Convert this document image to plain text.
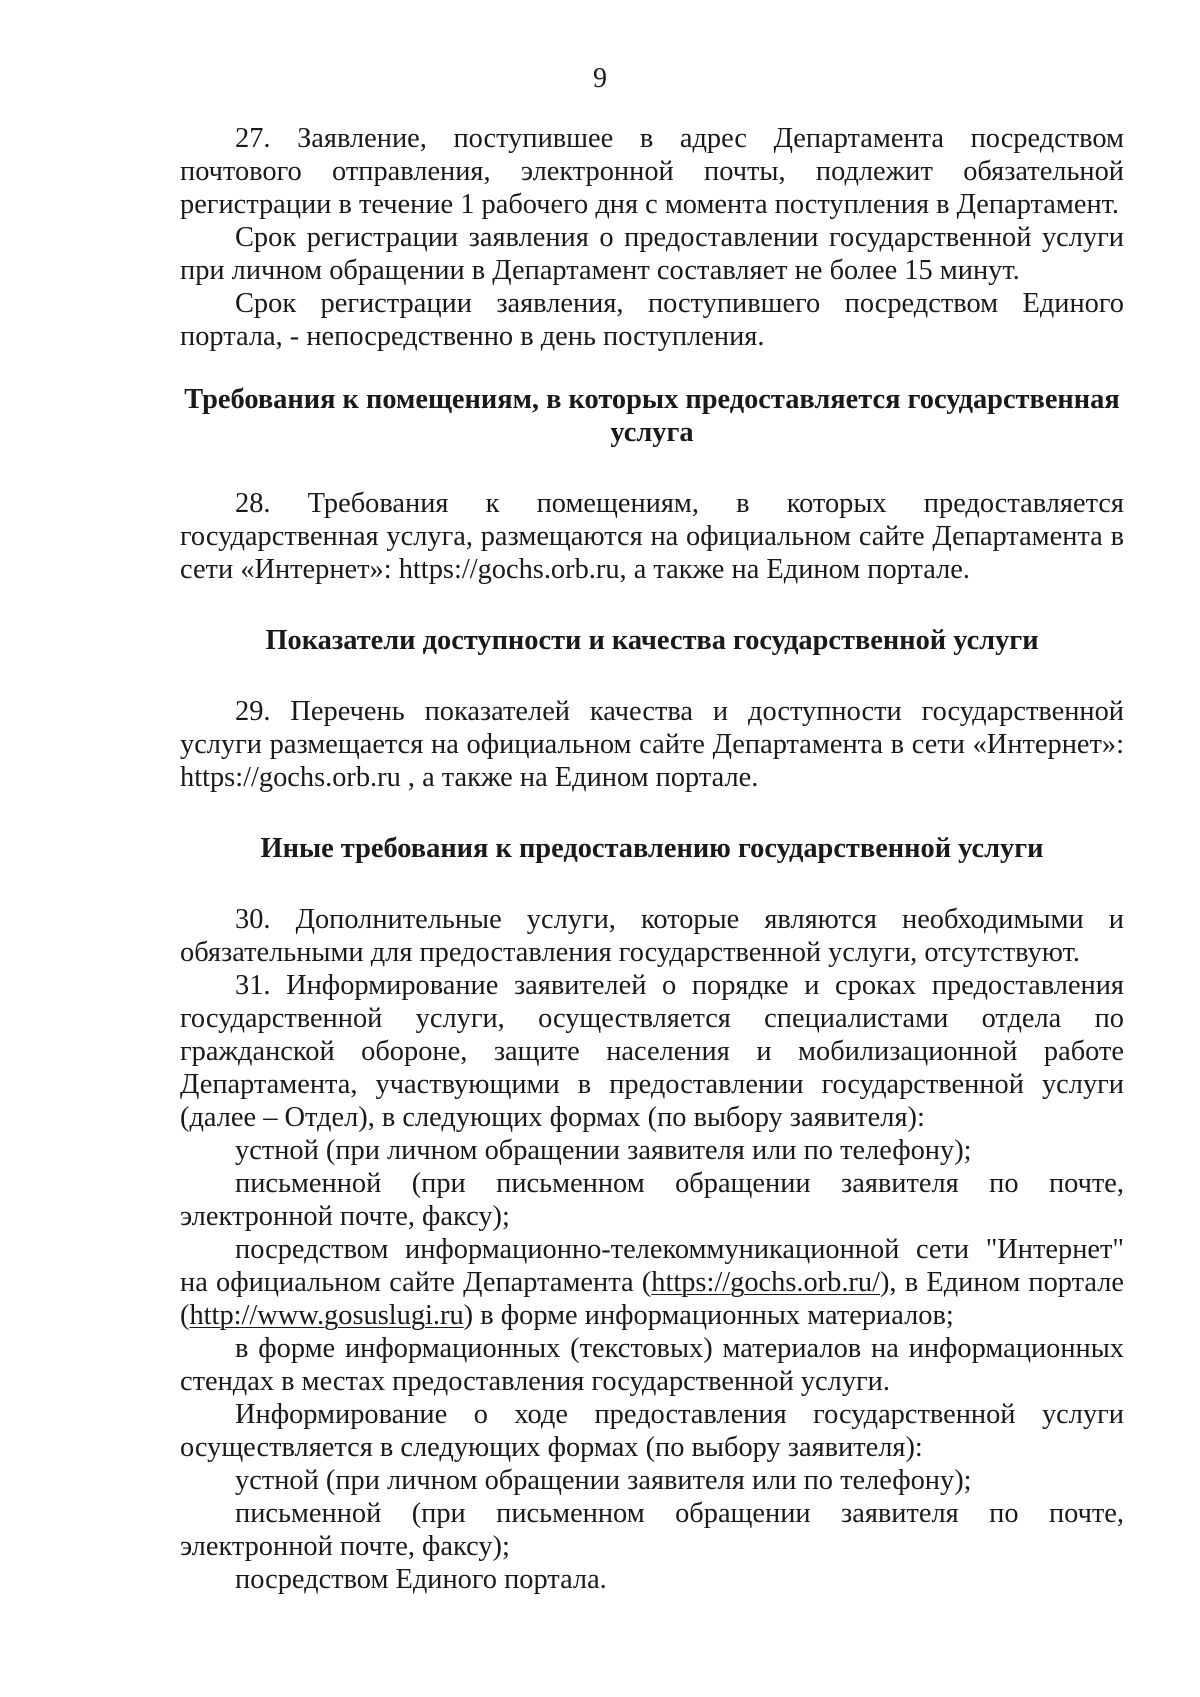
9

27. Заявление, поступившее в адрес Департамента посредством почтового отправления, электронной почты, подлежит обязательной регистрации в течение 1 рабочего дня с момента поступления в Департамент.

Срок регистрации заявления о предоставлении государственной услуги при личном обращении в Департамент составляет не более 15 минут.

Срок регистрации заявления, поступившего посредством Единого портала, - непосредственно в день поступления.

Требования к помещениям, в которых предоставляется государственная услуга

28. Требования к помещениям, в которых предоставляется государственная услуга, размещаются на официальном сайте Департамента в сети «Интернет»: https://gochs.orb.ru, а также на Едином портале.

Показатели доступности и качества государственной услуги

29. Перечень показателей качества и доступности государственной услуги размещается на официальном сайте Департамента в сети «Интернет»: https://gochs.orb.ru , а также на Едином портале.

Иные требования к предоставлению государственной услуги

30. Дополнительные услуги, которые являются необходимыми и обязательными для предоставления государственной услуги, отсутствуют.

31. Информирование заявителей о порядке и сроках предоставления государственной услуги, осуществляется специалистами отдела по гражданской обороне, защите населения и мобилизационной работе Департамента, участвующими в предоставлении государственной услуги (далее – Отдел), в следующих формах (по выбору заявителя):

устной (при личном обращении заявителя или по телефону);

письменной (при письменном обращении заявителя по почте, электронной почте, факсу);

посредством информационно-телекоммуникационной сети "Интернет" на официальном сайте Департамента (https://gochs.orb.ru/), в Едином портале (http://www.gosuslugi.ru) в форме информационных материалов;

в форме информационных (текстовых) материалов на информационных стендах в местах предоставления государственной услуги.

Информирование о ходе предоставления государственной услуги осуществляется в следующих формах (по выбору заявителя):

устной (при личном обращении заявителя или по телефону);

письменной (при письменном обращении заявителя по почте, электронной почте, факсу);

посредством Единого портала.
